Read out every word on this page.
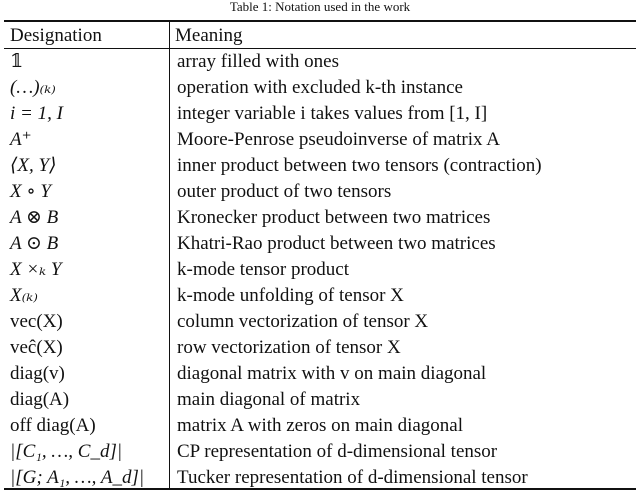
Table 1: Notation used in the work
Designation	Meaning
𝟙	array filled with ones
(…)₍ₖ₎	operation with excluded k-th instance
i = 1, I	integer variable i takes values from [1, I]
A⁺	Moore-Penrose pseudoinverse of matrix A
⟨X, Y⟩	inner product between two tensors (contraction)
X ∘ Y	outer product of two tensors
A ⊗ B	Kronecker product between two matrices
A ⊙ B	Khatri-Rao product between two matrices
X ×ₖ Y	k-mode tensor product
X₍ₖ₎	k-mode unfolding of tensor X
vec(X)	column vectorization of tensor X
veĉ(X)	row vectorization of tensor X
diag(v)	diagonal matrix with v on main diagonal
diag(A)	main diagonal of matrix
off diag(A)	matrix A with zeros on main diagonal
|[C₁, …, C_d]|	CP representation of d-dimensional tensor
|[G; A₁, …, A_d]|	Tucker representation of d-dimensional tensor
